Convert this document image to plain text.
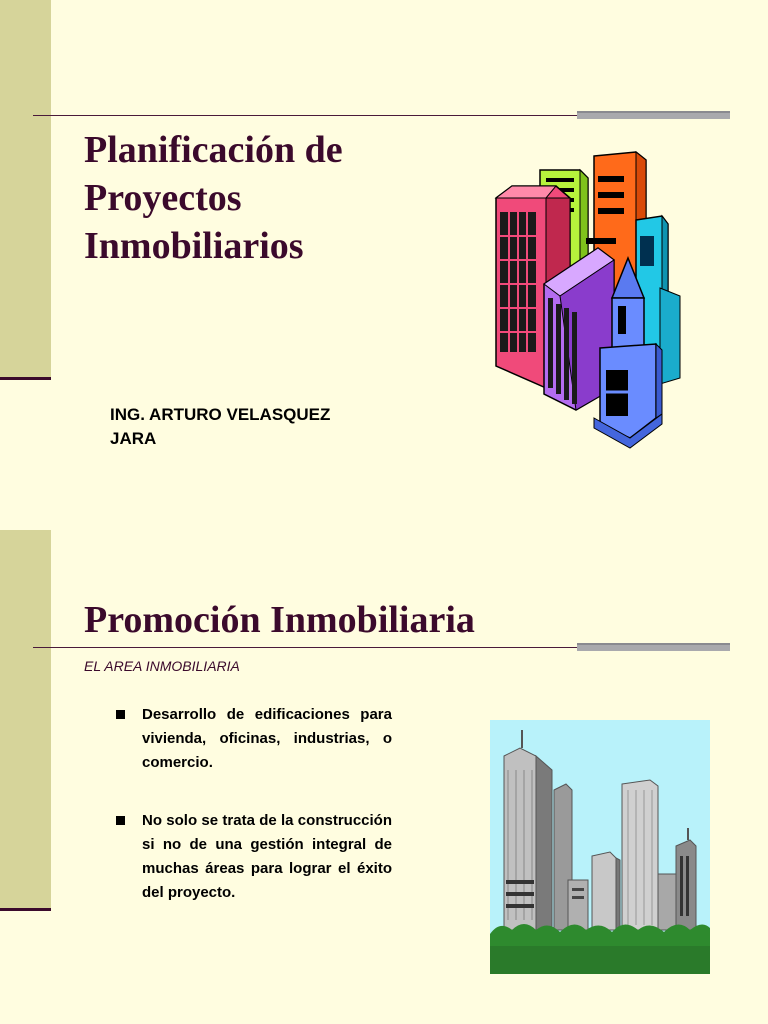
Planificación de
Proyectos
Inmobiliarios
ING. ARTURO VELASQUEZ
JARA
Promoción Inmobiliaria
EL AREA INMOBILIARIA
Desarrollo de edificaciones para vivienda, oficinas, industrias, o comercio.
No solo se trata de la construcción si no de una gestión integral de muchas áreas para lograr el éxito del proyecto.
